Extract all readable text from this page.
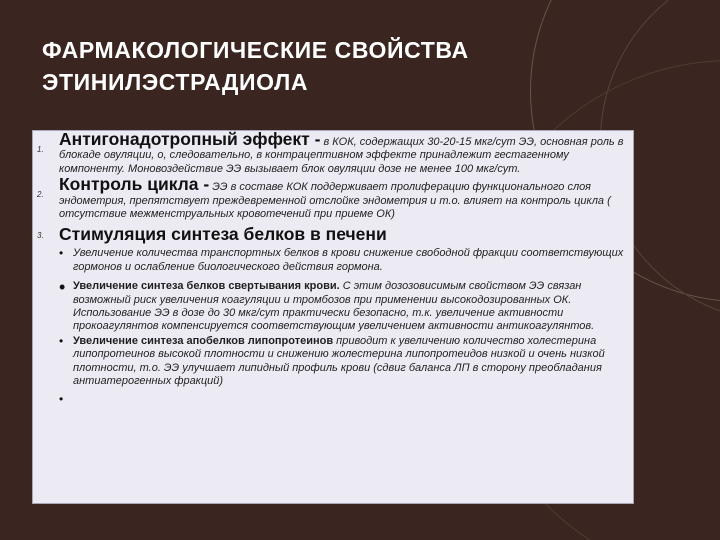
ФАРМАКОЛОГИЧЕСКИЕ СВОЙСТВА
ЭТИНИЛЭСТРАДИОЛА
1.
Антигонадотропный эффект - в КОК, содержащих 30-20-15 мкг/сут ЭЭ, основная роль в блокаде овуляции, о, следовательно, в контрацептивном эффекте принадлежит гестагенному компоненту. Моновоздействие ЭЭ вызывает блок овуляции дозе не менее 100 мкг/сут.
2.
Контроль цикла - ЭЭ в составе КОК поддерживает пролиферацию функционального слоя эндометрия, препятствует преждевременной отслойке эндометрия и т.о. влияет на контроль цикла ( отсутствие межменструальных кровотечений при приеме ОК)
3. Стимуляция синтеза белков в печени
• Увеличение количества транспортных белков в крови снижение свободной фракции соответствующих гормонов и ослабление биологического действия гормона.
• Увеличение синтеза белков свертывания крови. С этим дозозовисимым свойством ЭЭ связан возможный риск увеличения коагуляции и тромбозов при применении высокодозированных ОК. Использование ЭЭ в дозе до 30 мкг/сут практически безопасно, т.к. увеличение активности прокоагулянтов компенсируется соответствующим увеличением активности антикоагулянтов.
• Увеличение синтеза апобелков липопротеинов приводит к увеличению количество холестерина липопротеинов высокой плотности и снижению жолестерина липопротеидов низкой и очень низкой плотности, т.о. ЭЭ улучшает липидный профиль крови (сдвиг баланса ЛП в сторону преобладания антиатерогенных фракций)
•
